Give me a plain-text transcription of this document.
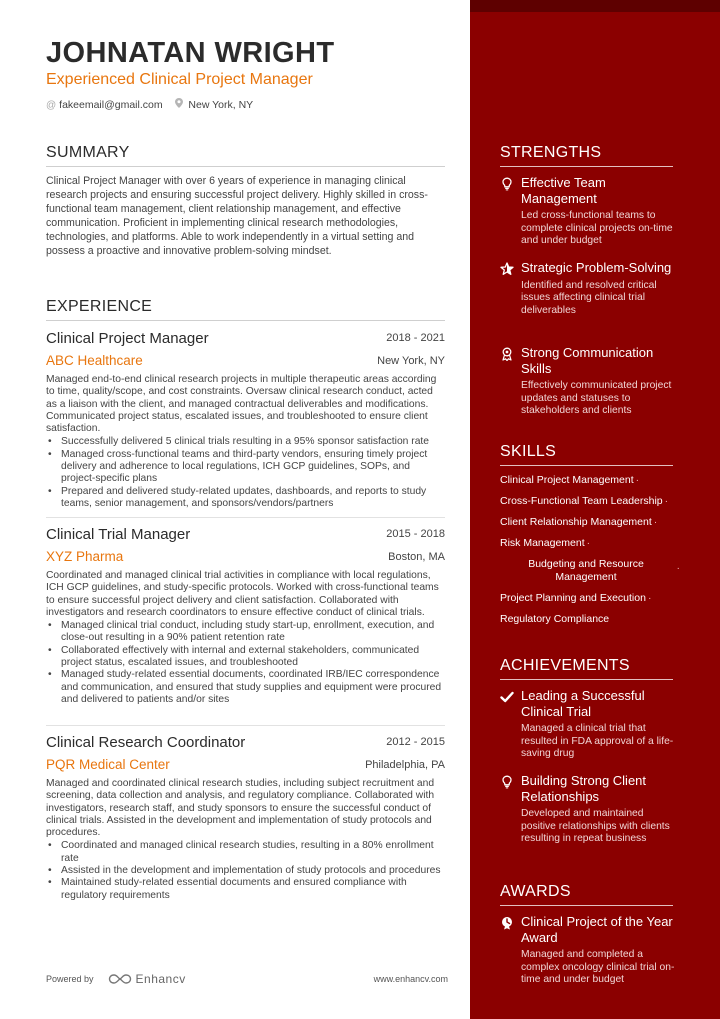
JOHNATAN WRIGHT
Experienced Clinical Project Manager
@ fakeemail@gmail.com	New York, NY
SUMMARY
Clinical Project Manager with over 6 years of experience in managing clinical research projects and ensuring successful project delivery. Highly skilled in cross-functional team management, client relationship management, and effective communication. Proficient in implementing clinical research methodologies, technologies, and platforms. Able to work independently in a virtual setting and possess a proactive and innovative problem-solving mindset.
EXPERIENCE
Clinical Project Manager	2018 - 2021
ABC Healthcare	New York, NY
Managed end-to-end clinical research projects in multiple therapeutic areas according to time, quality/scope, and cost constraints. Oversaw clinical research conduct, acted as a liaison with the client, and managed contractual deliverables and modifications. Communicated project status, escalated issues, and troubleshooted to ensure client satisfaction.
• Successfully delivered 5 clinical trials resulting in a 95% sponsor satisfaction rate
• Managed cross-functional teams and third-party vendors, ensuring timely project delivery and adherence to local regulations, ICH GCP guidelines, SOPs, and project-specific plans
• Prepared and delivered study-related updates, dashboards, and reports to study teams, senior management, and sponsors/vendors/partners
Clinical Trial Manager	2015 - 2018
XYZ Pharma	Boston, MA
Coordinated and managed clinical trial activities in compliance with local regulations, ICH GCP guidelines, and study-specific protocols. Worked with cross-functional teams to ensure successful project delivery and client satisfaction. Collaborated with investigators and research coordinators to ensure effective conduct of clinical trials.
• Managed clinical trial conduct, including study start-up, enrollment, execution, and close-out resulting in a 90% patient retention rate
• Collaborated effectively with internal and external stakeholders, communicated project status, escalated issues, and troubleshooted
• Managed study-related essential documents, coordinated IRB/IEC correspondence and communication, and ensured that study supplies and equipment were procured and delivered to patients and/or sites
Clinical Research Coordinator	2012 - 2015
PQR Medical Center	Philadelphia, PA
Managed and coordinated clinical research studies, including subject recruitment and screening, data collection and analysis, and regulatory compliance. Collaborated with investigators, research staff, and study sponsors to ensure the successful conduct of clinical trials. Assisted in the development and implementation of study protocols and procedures.
• Coordinated and managed clinical research studies, resulting in a 80% enrollment rate
• Assisted in the development and implementation of study protocols and procedures
• Maintained study-related essential documents and ensured compliance with regulatory requirements
Powered by	Enhancv	www.enhancv.com
STRENGTHS
Effective Team Management
Led cross-functional teams to complete clinical projects on-time and under budget
Strategic Problem-Solving
Identified and resolved critical issues affecting clinical trial deliverables
Strong Communication Skills
Effectively communicated project updates and statuses to stakeholders and clients
SKILLS
Clinical Project Management ·
Cross-Functional Team Leadership ·
Client Relationship Management ·
Risk Management ·
Budgeting and Resource Management
·
Project Planning and Execution ·
Regulatory Compliance
ACHIEVEMENTS
Leading a Successful Clinical Trial
Managed a clinical trial that resulted in FDA approval of a life-saving drug
Building Strong Client Relationships
Developed and maintained positive relationships with clients resulting in repeat business
AWARDS
Clinical Project of the Year Award
Managed and completed a complex oncology clinical trial on-time and under budget
